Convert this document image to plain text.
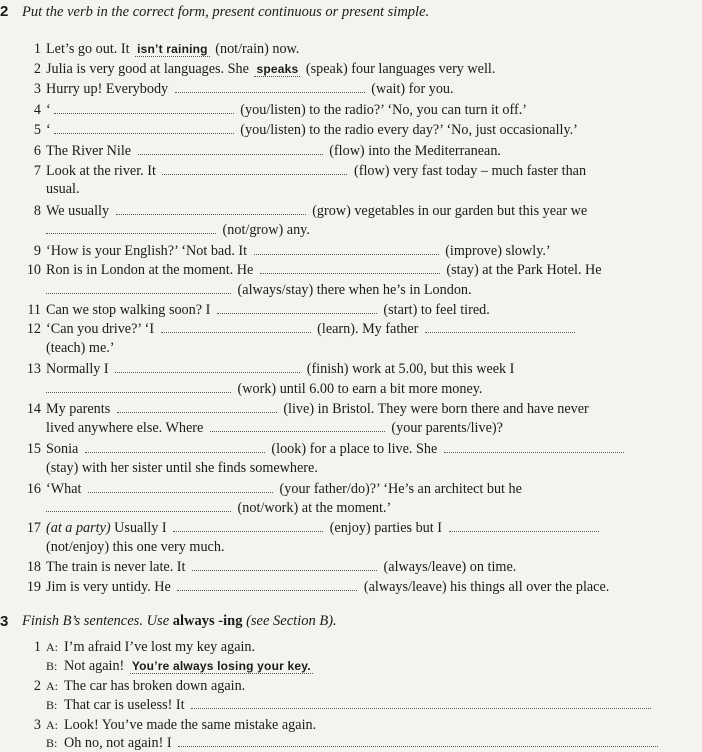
2 Put the verb in the correct form, present continuous or present simple.
1 Let’s go out. It isn’t raining (not/rain) now.
2 Julia is very good at languages. She speaks (speak) four languages very well.
3 Hurry up! Everybody	(wait) for you.
4 ‘	(you/listen) to the radio?’ ‘No, you can turn it off.’
5 ‘	(you/listen) to the radio every day?’ ‘No, just occasionally.’
6 The River Nile	(flow) into the Mediterranean.
7 Look at the river. It	(flow) very fast today – much faster than
usual.
8 We usually	(grow) vegetables in our garden but this year we
(not/grow) any.
9 ‘How is your English?’ ‘Not bad. It	(improve) slowly.’
10 Ron is in London at the moment. He	(stay) at the Park Hotel. He
(always/stay) there when he’s in London.
11 Can we stop walking soon? I	(start) to feel tired.
12 ‘Can you drive?’ ‘I	(learn). My father
(teach) me.’
13 Normally I	(finish) work at 5.00, but this week I
(work) until 6.00 to earn a bit more money.
14 My parents	(live) in Bristol. They were born there and have never
lived anywhere else. Where	(your parents/live)?
15 Sonia	(look) for a place to live. She
(stay) with her sister until she finds somewhere.
16 ‘What	(your father/do)?’ ‘He’s an architect but he
(not/work) at the moment.’
17 (at a party) Usually I	(enjoy) parties but I
(not/enjoy) this one very much.
18 The train is never late. It	(always/leave) on time.
19 Jim is very untidy. He	(always/leave) his things all over the place.
3 Finish B’s sentences. Use always -ing (see Section B).
1 A: I’m afraid I’ve lost my key again.
B: Not again! You’re always losing your key.
2 A: The car has broken down again.
B: That car is useless! It
3 A: Look! You’ve made the same mistake again.
B: Oh no, not again! I
